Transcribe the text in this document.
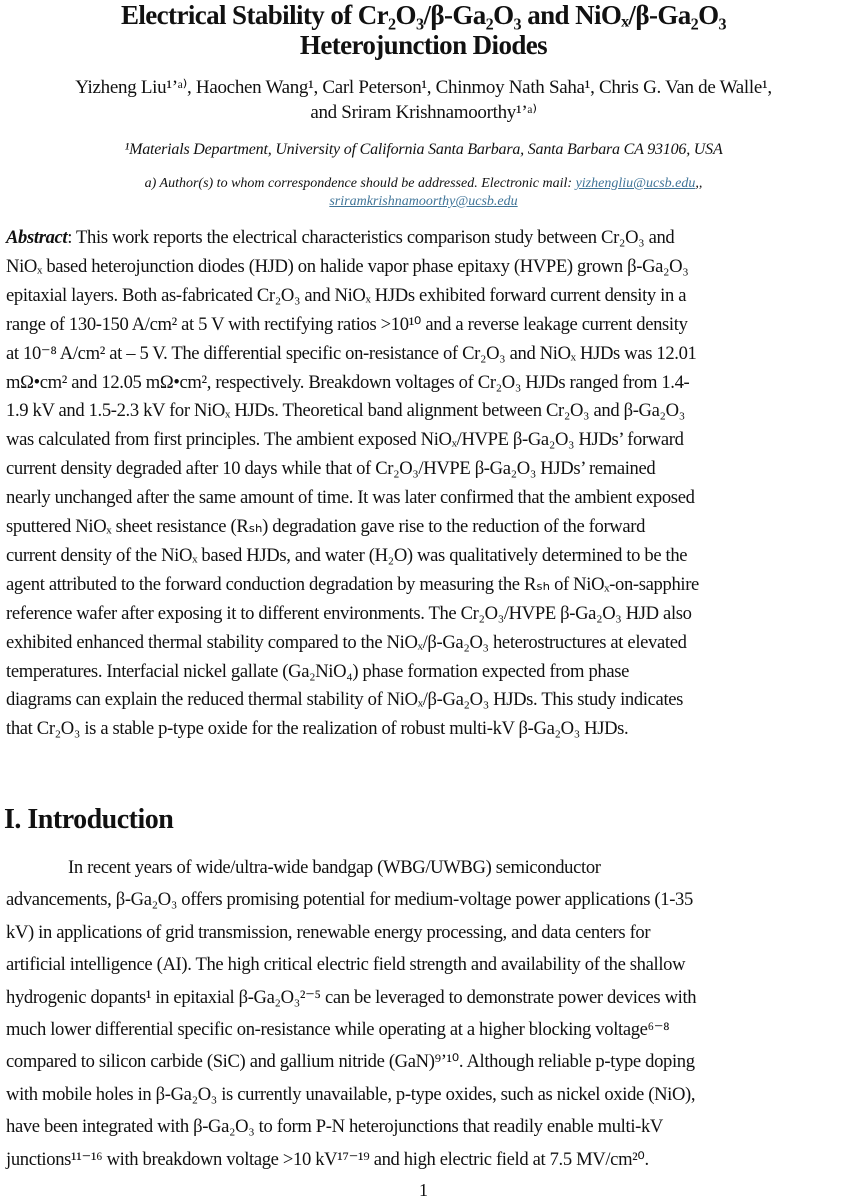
Electrical Stability of Cr₂O₃/β-Ga₂O₃ and NiOₓ/β-Ga₂O₃
Heterojunction Diodes
Yizheng Liu¹ʼᵃ⁾, Haochen Wang¹, Carl Peterson¹, Chinmoy Nath Saha¹, Chris G. Van de Walle¹,
and Sriram Krishnamoorthy¹ʼᵃ⁾
¹Materials Department, University of California Santa Barbara, Santa Barbara CA 93106, USA
a) Author(s) to whom correspondence should be addressed. Electronic mail: yizhengliu@ucsb.edu,,
sriramkrishnamoorthy@ucsb.edu
Abstract: This work reports the electrical characteristics comparison study between Cr₂O₃ and
NiOₓ based heterojunction diodes (HJD) on halide vapor phase epitaxy (HVPE) grown β-Ga₂O₃
epitaxial layers. Both as-fabricated Cr₂O₃ and NiOₓ HJDs exhibited forward current density in a
range of 130-150 A/cm² at 5 V with rectifying ratios >10¹⁰ and a reverse leakage current density
at 10⁻⁸ A/cm² at – 5 V. The differential specific on-resistance of Cr₂O₃ and NiOₓ HJDs was 12.01
mΩ•cm² and 12.05 mΩ•cm², respectively. Breakdown voltages of Cr₂O₃ HJDs ranged from 1.4-
1.9 kV and 1.5-2.3 kV for NiOₓ HJDs. Theoretical band alignment between Cr₂O₃ and β-Ga₂O₃
was calculated from first principles. The ambient exposed NiOₓ/HVPE β-Ga₂O₃ HJDs’ forward
current density degraded after 10 days while that of Cr₂O₃/HVPE β-Ga₂O₃ HJDs’ remained
nearly unchanged after the same amount of time. It was later confirmed that the ambient exposed
sputtered NiOₓ sheet resistance (Rₛₕ) degradation gave rise to the reduction of the forward
current density of the NiOₓ based HJDs, and water (H₂O) was qualitatively determined to be the
agent attributed to the forward conduction degradation by measuring the Rₛₕ of NiOₓ-on-sapphire
reference wafer after exposing it to different environments. The Cr₂O₃/HVPE β-Ga₂O₃ HJD also
exhibited enhanced thermal stability compared to the NiOₓ/β-Ga₂O₃ heterostructures at elevated
temperatures. Interfacial nickel gallate (Ga₂NiO₄) phase formation expected from phase
diagrams can explain the reduced thermal stability of NiOₓ/β-Ga₂O₃ HJDs. This study indicates
that Cr₂O₃ is a stable p-type oxide for the realization of robust multi-kV β-Ga₂O₃ HJDs.
I. Introduction
In recent years of wide/ultra-wide bandgap (WBG/UWBG) semiconductor
advancements, β-Ga₂O₃ offers promising potential for medium-voltage power applications (1-35
kV) in applications of grid transmission, renewable energy processing, and data centers for
artificial intelligence (AI). The high critical electric field strength and availability of the shallow
hydrogenic dopants¹ in epitaxial β-Ga₂O₃²⁻⁵ can be leveraged to demonstrate power devices with
much lower differential specific on-resistance while operating at a higher blocking voltage⁶⁻⁸
compared to silicon carbide (SiC) and gallium nitride (GaN)⁹ʼ¹⁰. Although reliable p-type doping
with mobile holes in β-Ga₂O₃ is currently unavailable, p-type oxides, such as nickel oxide (NiO),
have been integrated with β-Ga₂O₃ to form P-N heterojunctions that readily enable multi-kV
junctions¹¹⁻¹⁶ with breakdown voltage >10 kV¹⁷⁻¹⁹ and high electric field at 7.5 MV/cm²⁰.
1
